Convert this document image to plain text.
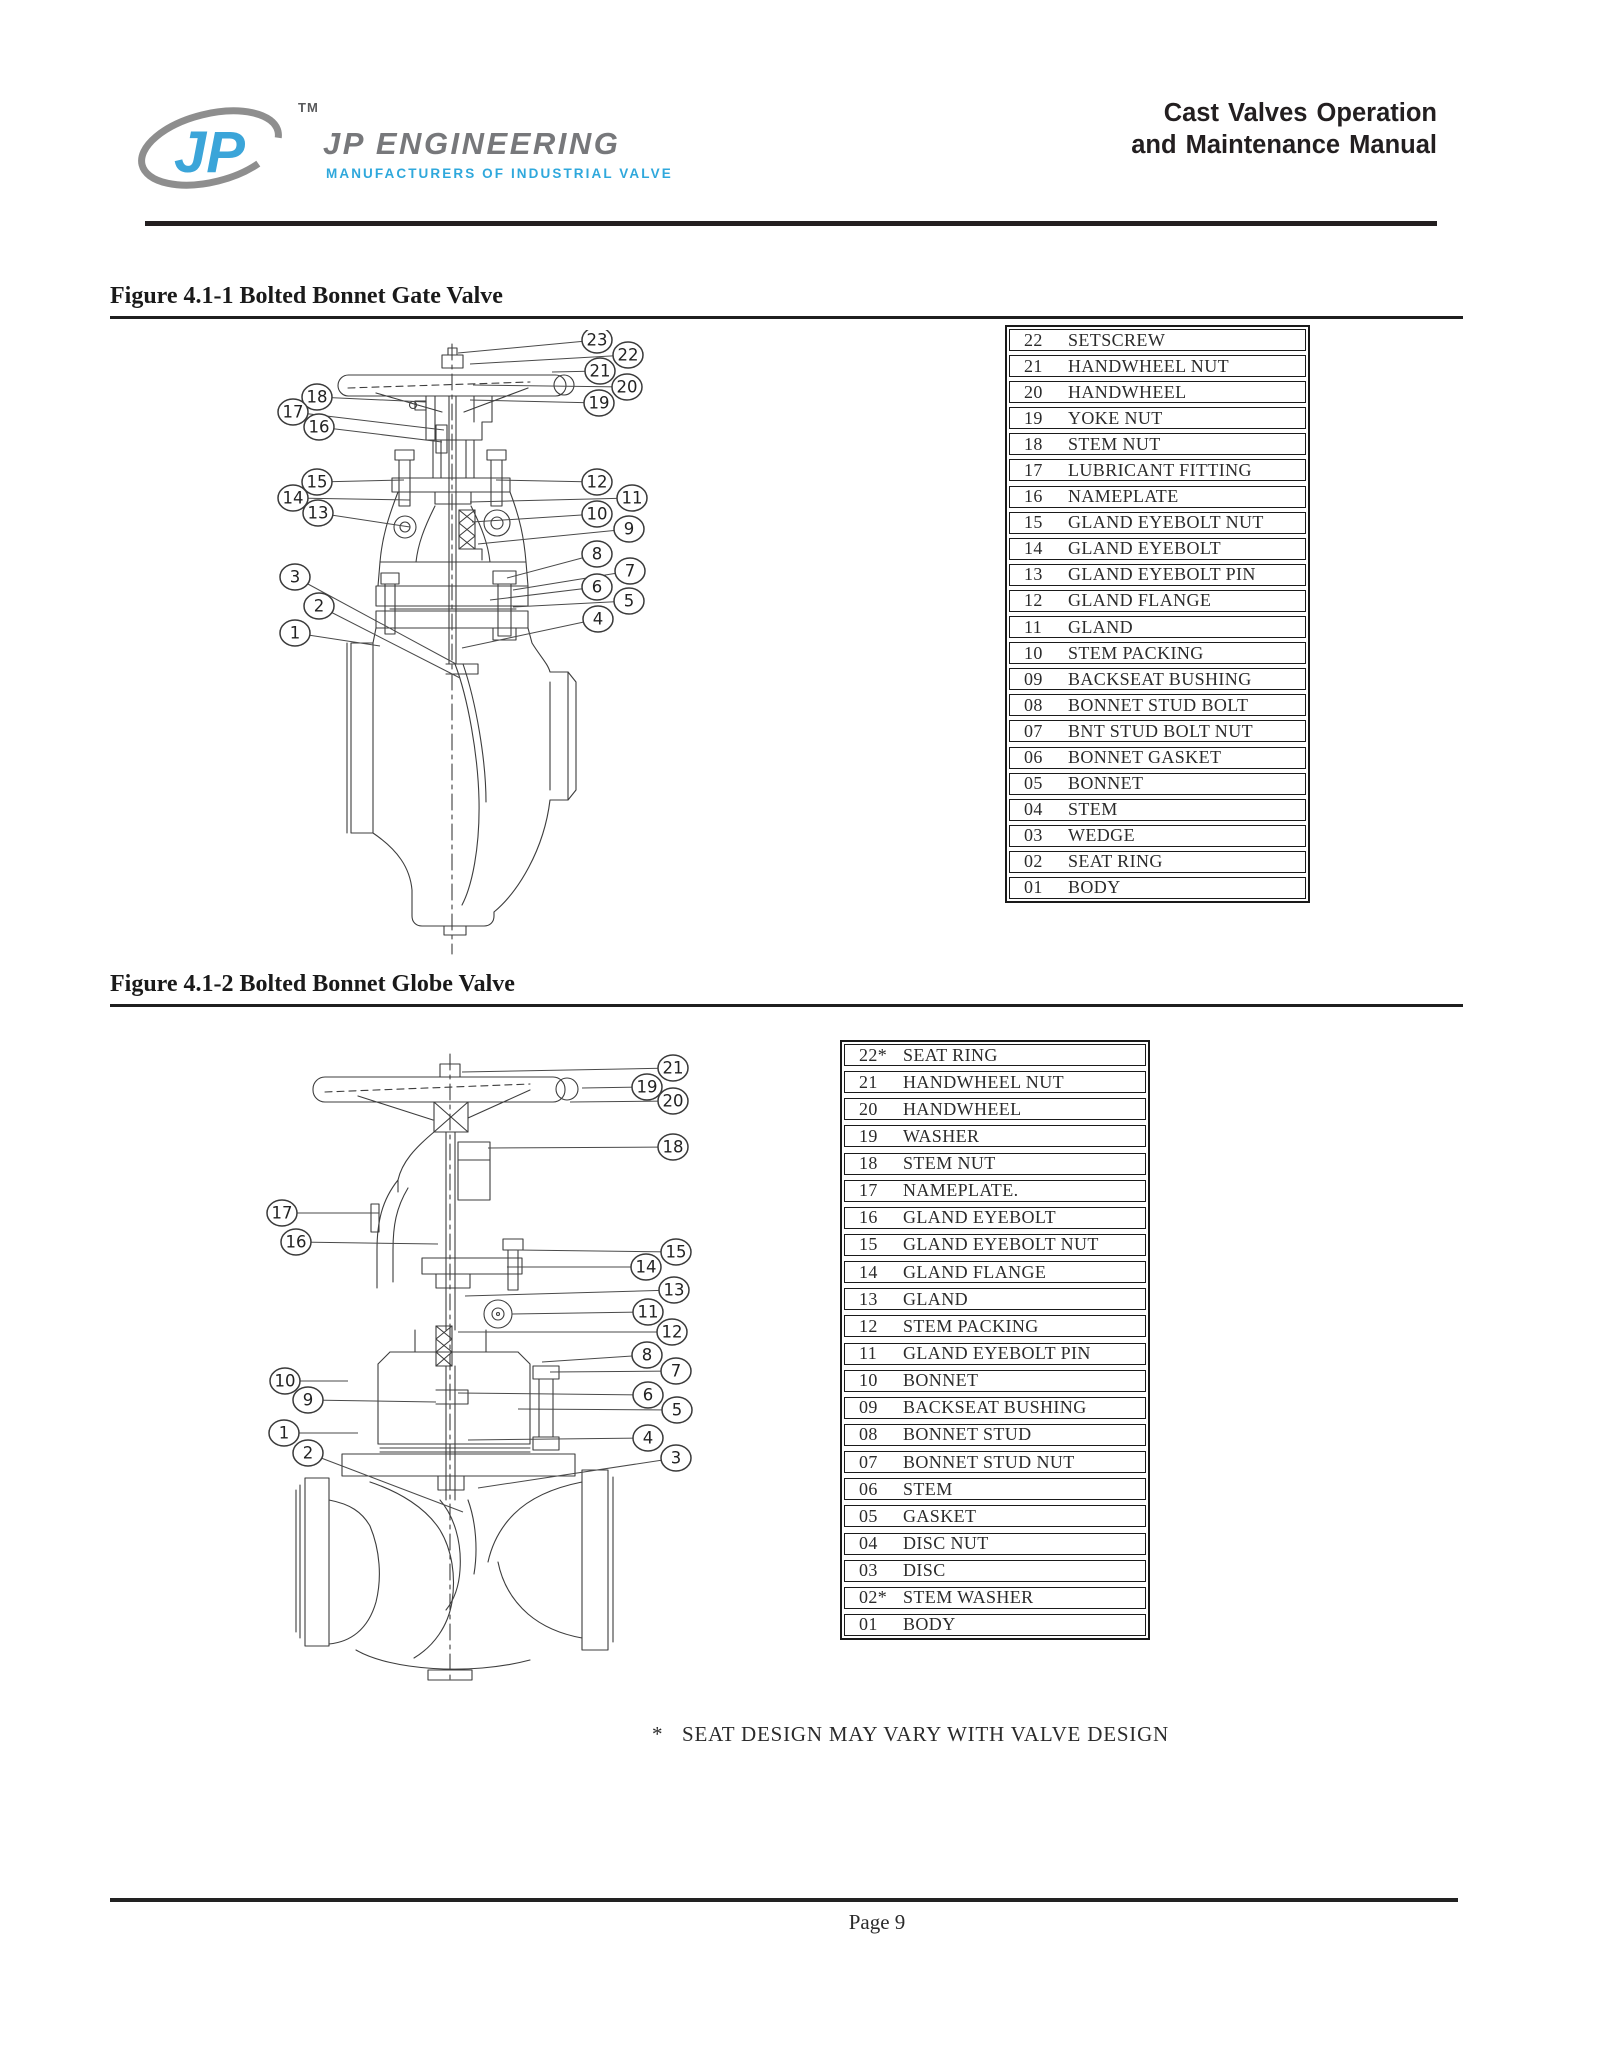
JP
TM
JP ENGINEERING
MANUFACTURERS OF INDUSTRIAL VALVE
Cast Valves Operation
and Maintenance Manual
Figure 4.1-1 Bolted Bonnet Gate Valve
23
22
21
20
19
18
17
16
15
14
13
12
11
10
9
8
7
6
5
4
3
2
1
22	SETSCREW
21	HANDWHEEL NUT
20	HANDWHEEL
19	YOKE NUT
18	STEM NUT
17	LUBRICANT FITTING
16	NAMEPLATE
15	GLAND EYEBOLT NUT
14	GLAND EYEBOLT
13	GLAND EYEBOLT PIN
12	GLAND FLANGE
11	GLAND
10	STEM PACKING
09	BACKSEAT BUSHING
08	BONNET STUD BOLT
07	BNT STUD BOLT NUT
06	BONNET GASKET
05	BONNET
04	STEM
03	WEDGE
02	SEAT RING
01	BODY
Figure 4.1-2 Bolted Bonnet Globe Valve
21
19
20
18
17
16
15
14
13
11
12
8
7
6
5
4
3
10
9
1
2
22* SEAT RING
21	HANDWHEEL NUT
20	HANDWHEEL
19	WASHER
18	STEM NUT
17	NAMEPLATE.
16	GLAND EYEBOLT
15	GLAND EYEBOLT NUT
14	GLAND FLANGE
13	GLAND
12	STEM PACKING
11	GLAND EYEBOLT PIN
10	BONNET
09	BACKSEAT BUSHING
08	BONNET STUD
07	BONNET STUD NUT
06	STEM
05	GASKET
04	DISC NUT
03	DISC
02* STEM WASHER
01	BODY
* SEAT DESIGN MAY VARY WITH VALVE DESIGN
Page 9
